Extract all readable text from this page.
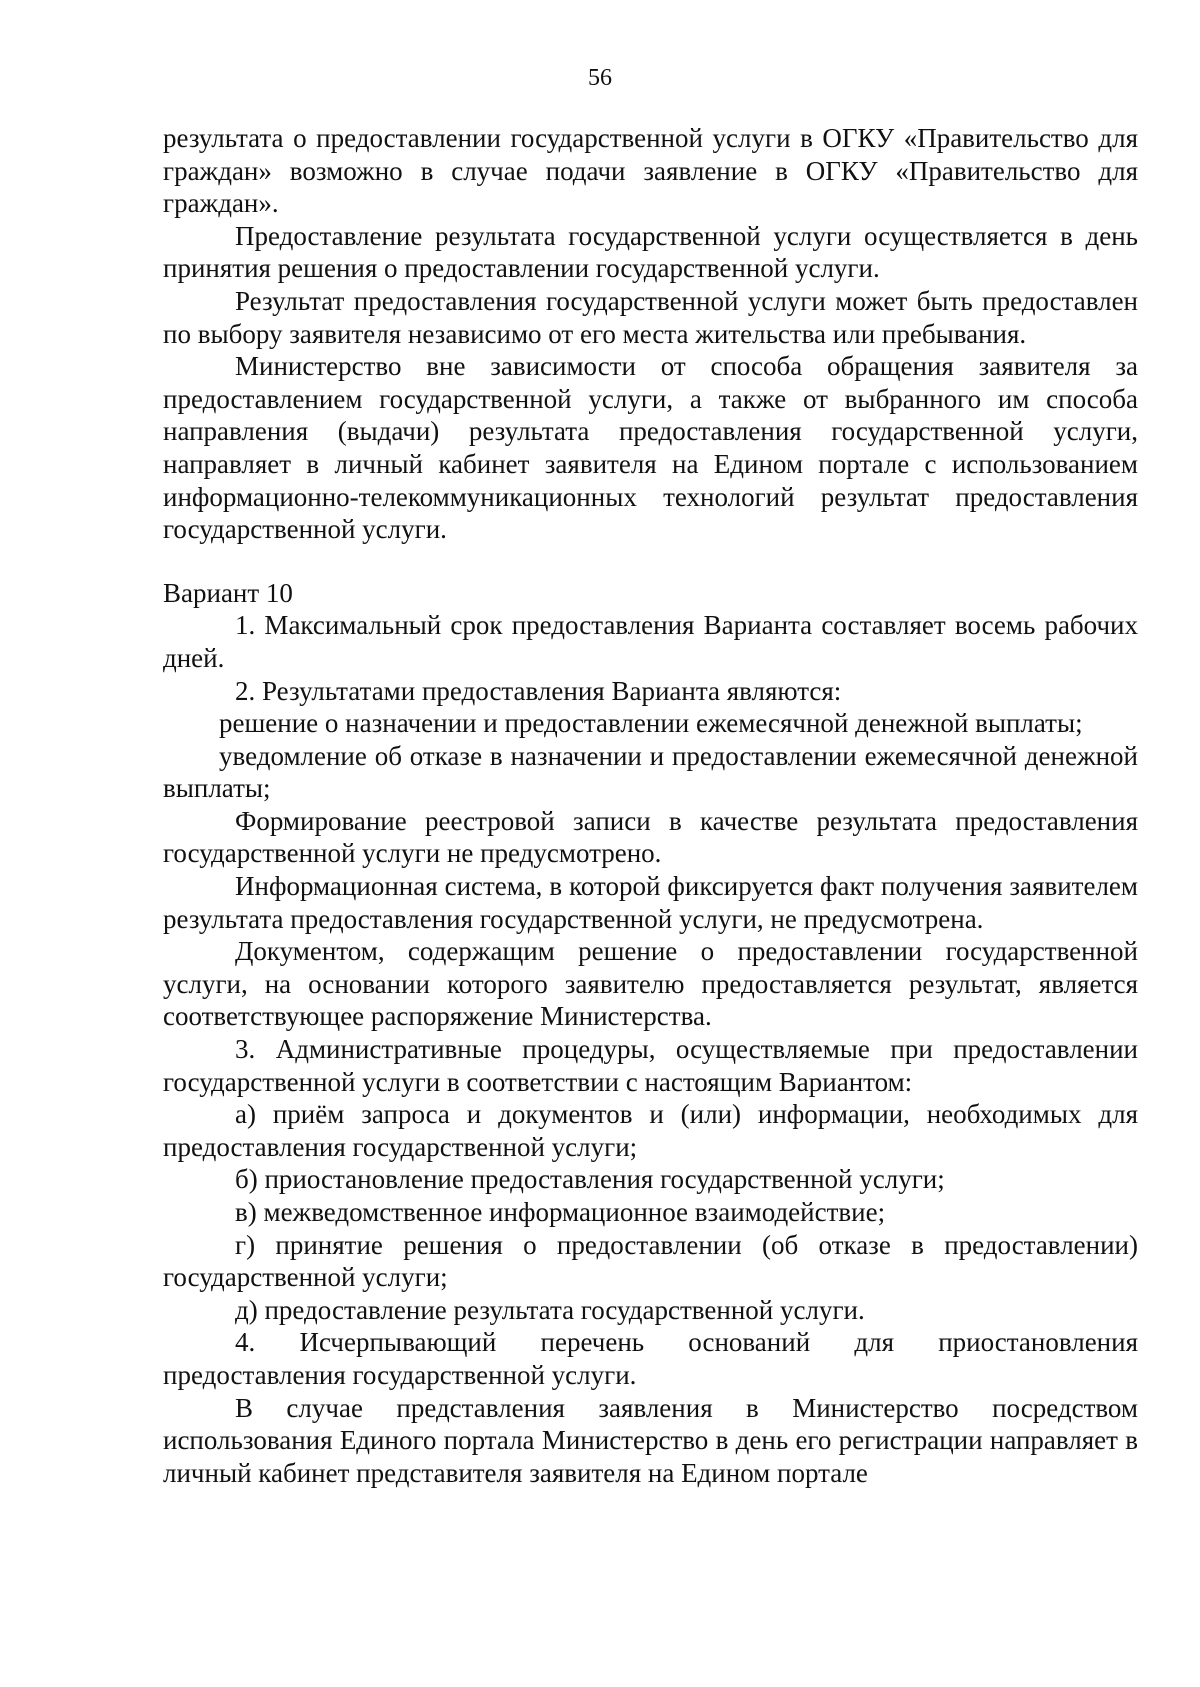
56

результата о предоставлении государственной услуги в ОГКУ «Правительство для граждан» возможно в случае подачи заявление в ОГКУ «Правительство для граждан».

Предоставление результата государственной услуги осуществляется в день принятия решения о предоставлении государственной услуги.

Результат предоставления государственной услуги может быть предоставлен по выбору заявителя независимо от его места жительства или пребывания.

Министерство вне зависимости от способа обращения заявителя за предоставлением государственной услуги, а также от выбранного им способа направления (выдачи) результата предоставления государственной услуги, направляет в личный кабинет заявителя на Едином портале с использованием информационно-телекоммуникационных технологий результат предоставления государственной услуги.

Вариант 10

1. Максимальный срок предоставления Варианта составляет восемь рабочих дней.

2. Результатами предоставления Варианта являются:

решение о назначении и предоставлении ежемесячной денежной выплаты;

уведомление об отказе в назначении и предоставлении ежемесячной денежной выплаты;

Формирование реестровой записи в качестве результата предоставления государственной услуги не предусмотрено.

Информационная система, в которой фиксируется факт получения заявителем результата предоставления государственной услуги, не предусмотрена.

Документом, содержащим решение о предоставлении государственной услуги, на основании которого заявителю предоставляется результат, является соответствующее распоряжение Министерства.

3. Административные процедуры, осуществляемые при предоставлении государственной услуги в соответствии с настоящим Вариантом:

а) приём запроса и документов и (или) информации, необходимых для предоставления государственной услуги;

б) приостановление предоставления государственной услуги;

в) межведомственное информационное взаимодействие;

г) принятие решения о предоставлении (об отказе в предоставлении) государственной услуги;

д) предоставление результата государственной услуги.

4. Исчерпывающий перечень оснований для приостановления предоставления государственной услуги.

В случае представления заявления в Министерство посредством использования Единого портала Министерство в день его регистрации направляет в личный кабинет представителя заявителя на Едином портале
